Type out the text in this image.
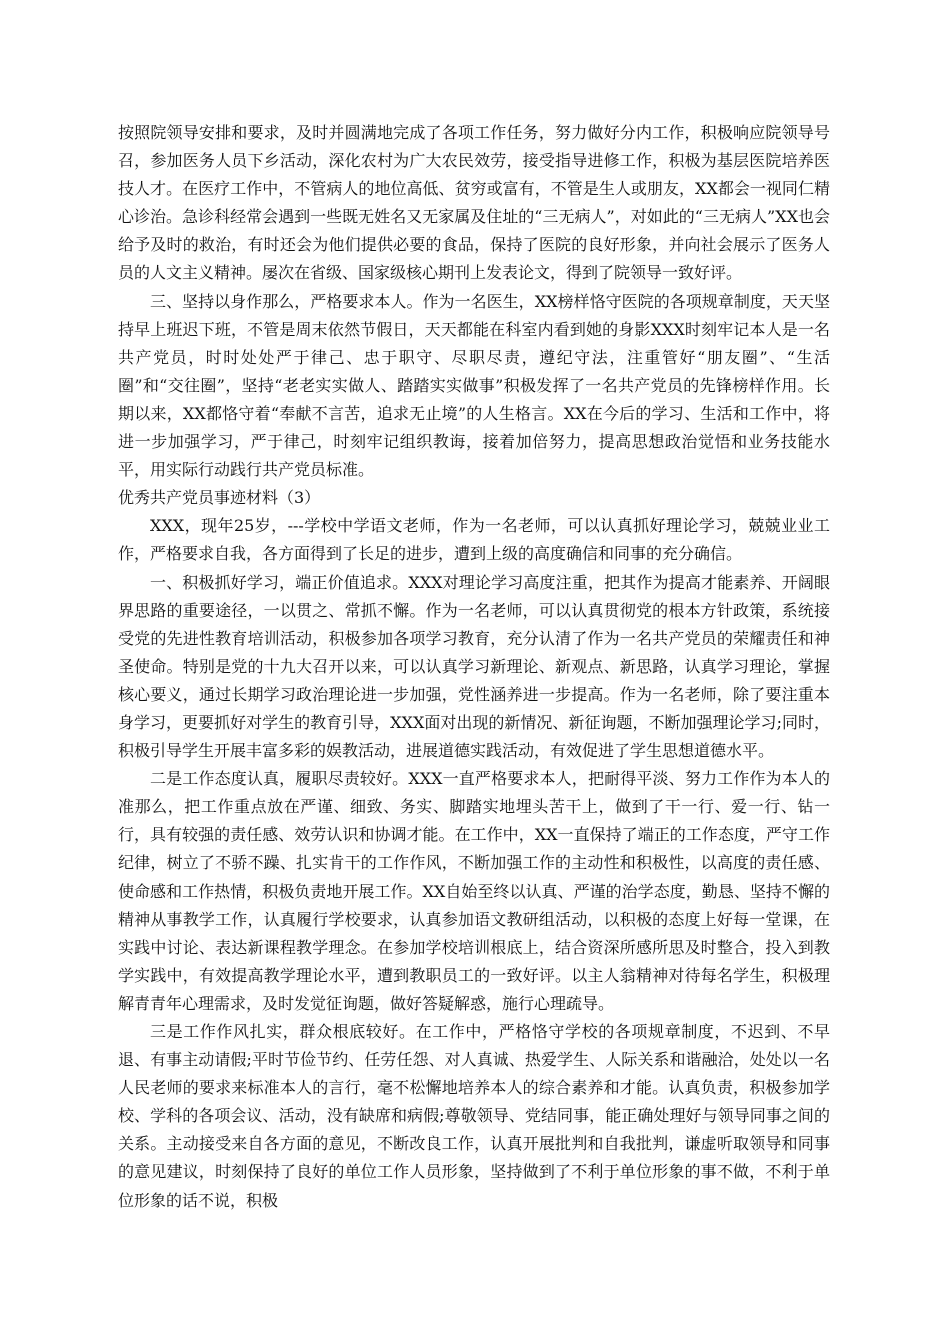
按照院领导安排和要求，及时并圆满地完成了各项工作任务，努力做好分内工作，积极响应院领导号召，参加医务人员下乡活动，深化农村为广大农民效劳，接受指导进修工作，积极为基层医院培养医技人才。在医疗工作中，不管病人的地位高低、贫穷或富有，不管是生人或朋友，XX都会一视同仁精心诊治。急诊科经常会遇到一些既无姓名又无家属及住址的“三无病人”，对如此的“三无病人”XX也会给予及时的救治，有时还会为他们提供必要的食品，保持了医院的良好形象，并向社会展示了医务人员的人文主义精神。屡次在省级、国家级核心期刊上发表论文，得到了院领导一致好评。

三、坚持以身作那么，严格要求本人。作为一名医生，XX榜样恪守医院的各项规章制度，天天坚持早上班迟下班，不管是周末依然节假日，天天都能在科室内看到她的身影XXX时刻牢记本人是一名共产党员，时时处处严于律己、忠于职守、尽职尽责，遵纪守法，注重管好“朋友圈”、“生活圈”和“交往圈”，坚持“老老实实做人、踏踏实实做事”积极发挥了一名共产党员的先锋榜样作用。长期以来，XX都恪守着“奉献不言苦，追求无止境”的人生格言。XX在今后的学习、生活和工作中，将进一步加强学习，严于律己，时刻牢记组织教诲，接着加倍努力，提高思想政治觉悟和业务技能水平，用实际行动践行共产党员标准。

优秀共产党员事迹材料（3）

XXX，现年25岁，---学校中学语文老师，作为一名老师，可以认真抓好理论学习，兢兢业业工作，严格要求自我，各方面得到了长足的进步，遭到上级的高度确信和同事的充分确信。

一、积极抓好学习，端正价值追求。XXX对理论学习高度注重，把其作为提高才能素养、开阔眼界思路的重要途径，一以贯之、常抓不懈。作为一名老师，可以认真贯彻党的根本方针政策，系统接受党的先进性教育培训活动，积极参加各项学习教育，充分认清了作为一名共产党员的荣耀责任和神圣使命。特别是党的十九大召开以来，可以认真学习新理论、新观点、新思路，认真学习理论，掌握核心要义，通过长期学习政治理论进一步加强，党性涵养进一步提高。作为一名老师，除了要注重本身学习，更要抓好对学生的教育引导，XXX面对出现的新情况、新征询题，不断加强理论学习;同时，积极引导学生开展丰富多彩的娱教活动，进展道德实践活动，有效促进了学生思想道德水平。

二是工作态度认真，履职尽责较好。XXX一直严格要求本人，把耐得平淡、努力工作作为本人的准那么，把工作重点放在严谨、细致、务实、脚踏实地埋头苦干上，做到了干一行、爱一行、钻一行，具有较强的责任感、效劳认识和协调才能。在工作中，XX一直保持了端正的工作态度，严守工作纪律，树立了不骄不躁、扎实肯干的工作作风，不断加强工作的主动性和积极性，以高度的责任感、使命感和工作热情，积极负责地开展工作。XX自始至终以认真、严谨的治学态度，勤恳、坚持不懈的精神从事教学工作，认真履行学校要求，认真参加语文教研组活动，以积极的态度上好每一堂课，在实践中讨论、表达新课程教学理念。在参加学校培训根底上，结合资深所感所思及时整合，投入到教学实践中，有效提高教学理论水平，遭到教职员工的一致好评。以主人翁精神对待每名学生，积极理解青青年心理需求，及时发觉征询题，做好答疑解惑，施行心理疏导。

三是工作作风扎实，群众根底较好。在工作中，严格恪守学校的各项规章制度，不迟到、不早退、有事主动请假;平时节俭节约、任劳任怨、对人真诚、热爱学生、人际关系和谐融洽，处处以一名人民老师的要求来标准本人的言行，毫不松懈地培养本人的综合素养和才能。认真负责，积极参加学校、学科的各项会议、活动，没有缺席和病假;尊敬领导、党结同事，能正确处理好与领导同事之间的关系。主动接受来自各方面的意见，不断改良工作，认真开展批判和自我批判，谦虚听取领导和同事的意见建议，时刻保持了良好的单位工作人员形象，坚持做到了不利于单位形象的事不做，不利于单位形象的话不说，积极
